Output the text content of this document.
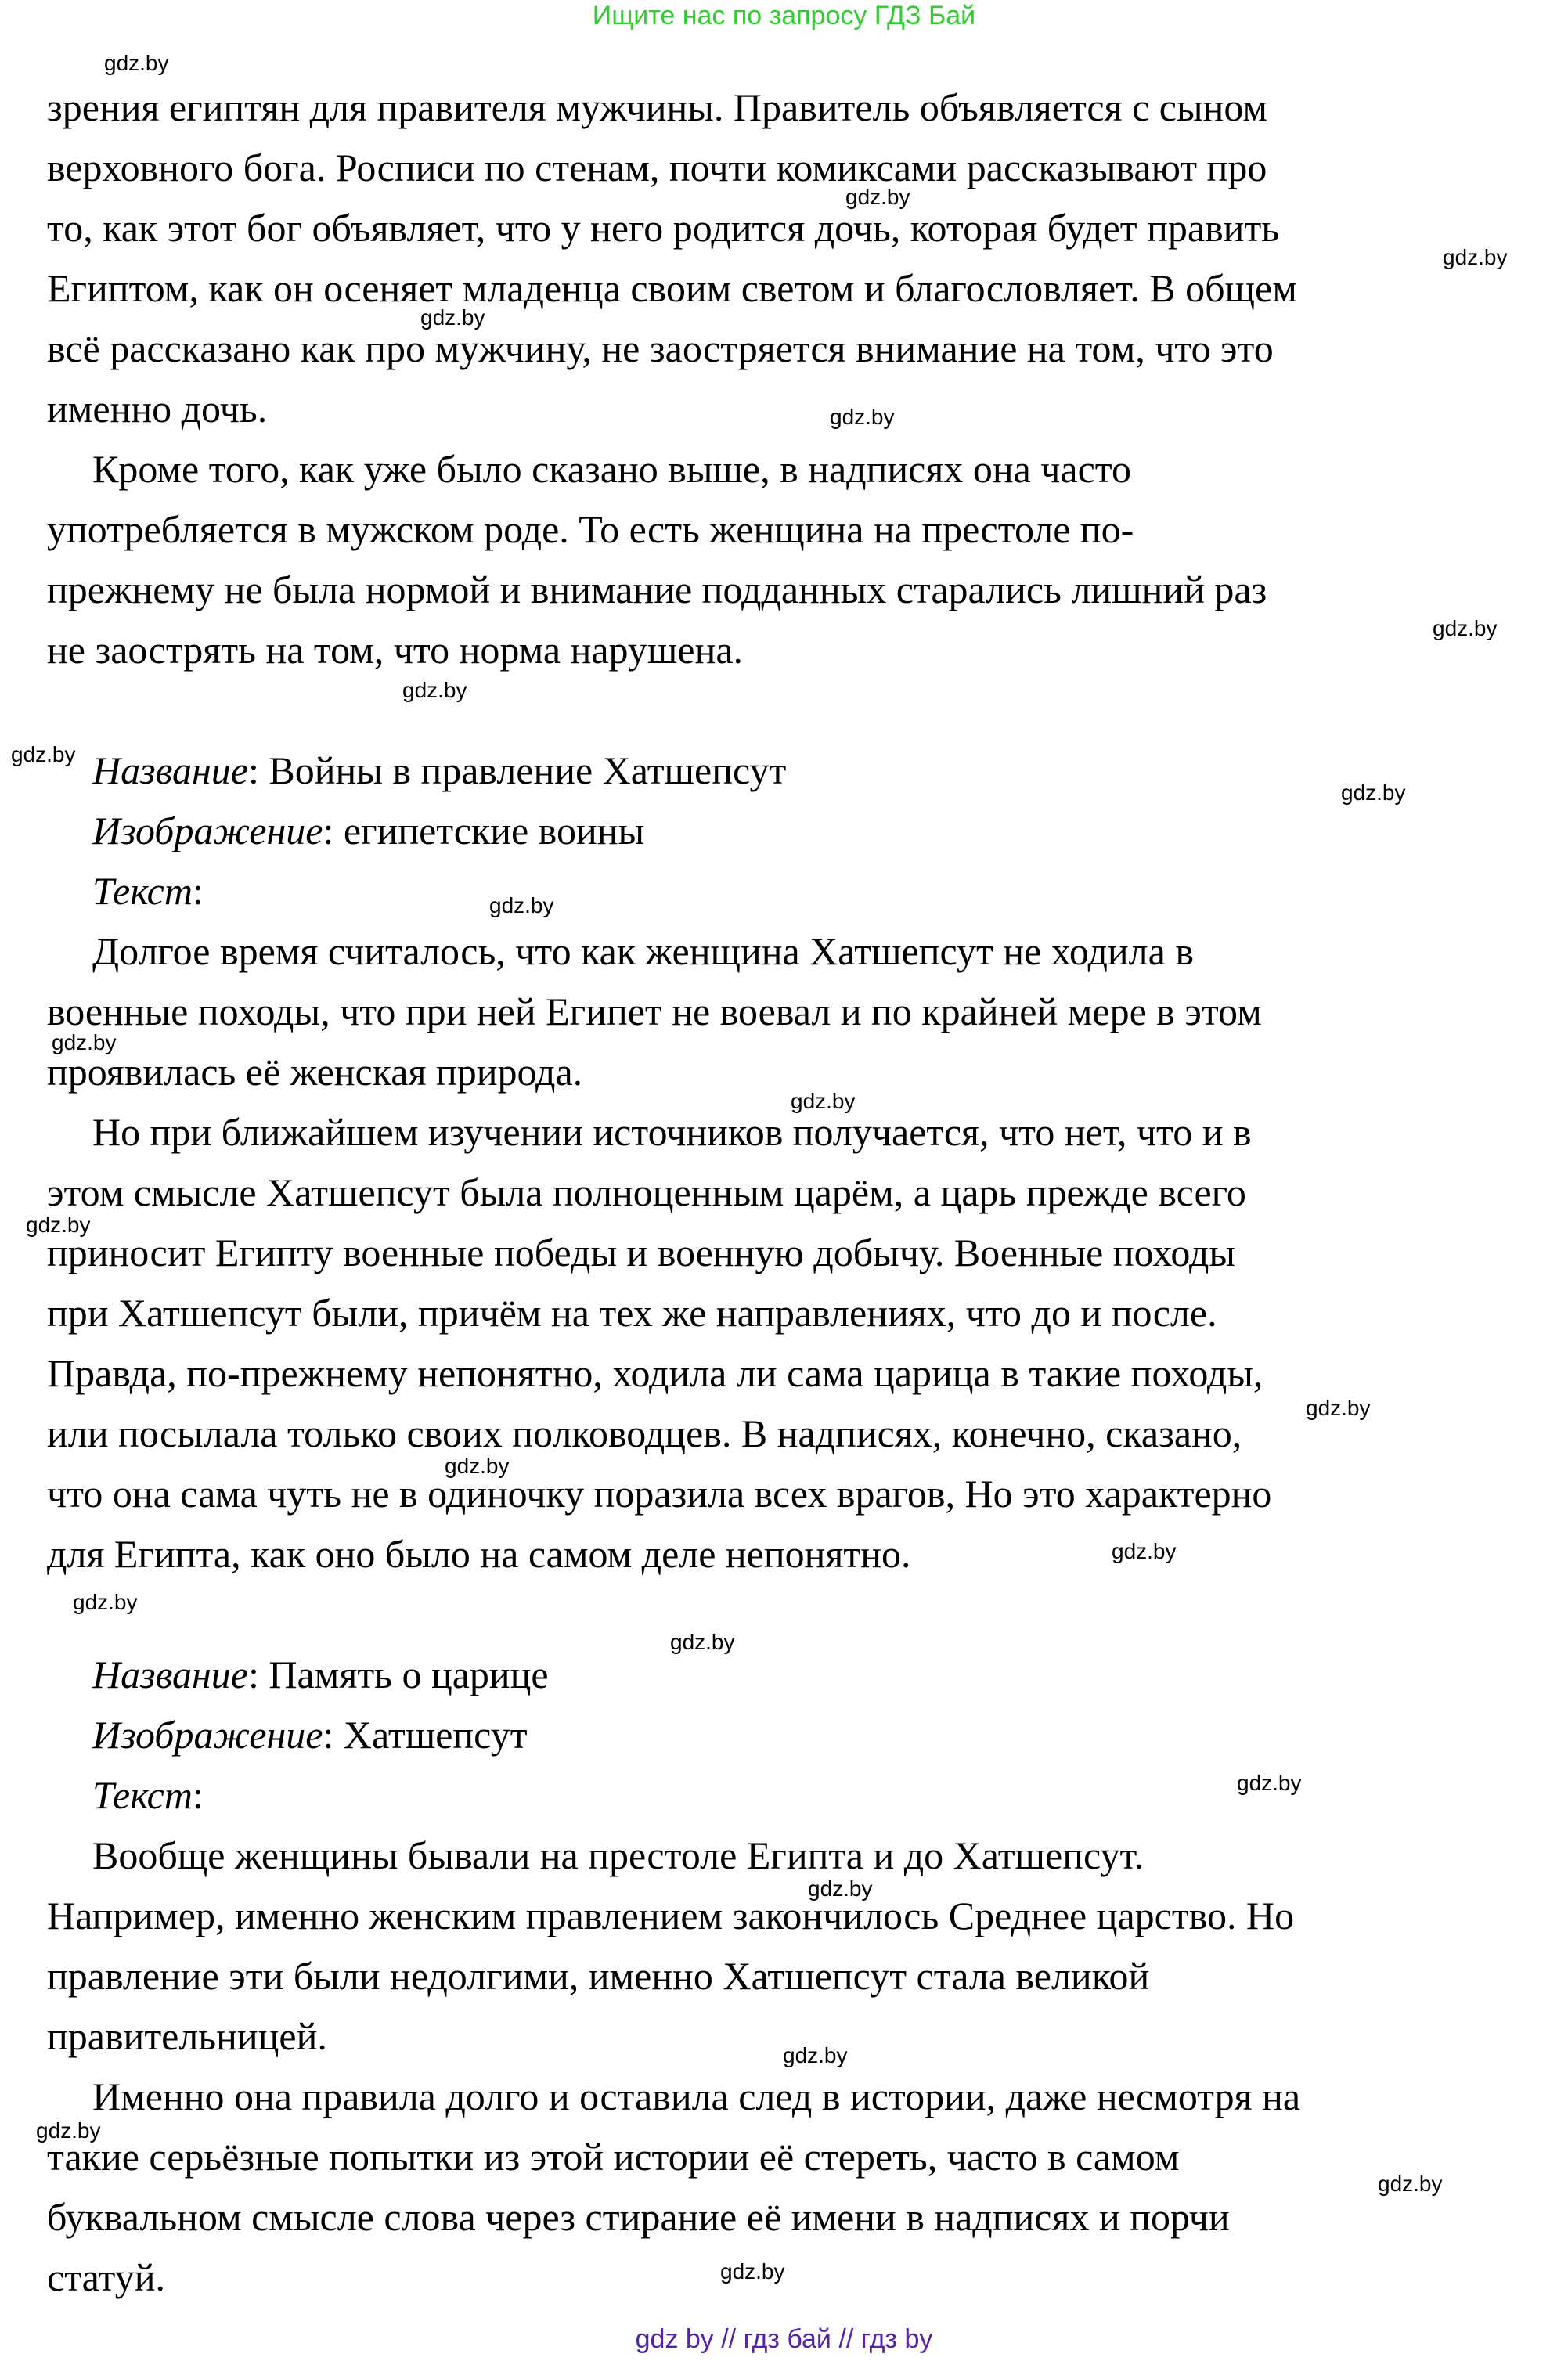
Ищите нас по запросу ГДЗ Бай

зрения египтян для правителя мужчины. Правитель объявляется с сыном

верховного бога. Росписи по стенам, почти комиксами рассказывают про

то, как этот бог объявляет, что у него родится дочь, которая будет править

Египтом, как он осеняет младенца своим светом и благословляет. В общем

всё рассказано как про мужчину, не заостряется внимание на том, что это

именно дочь.

Кроме того, как уже было сказано выше, в надписях она часто

употребляется в мужском роде. То есть женщина на престоле по-

прежнему не была нормой и внимание подданных старались лишний раз

не заострять на том, что норма нарушена.

Название: Войны в правление Хатшепсут

Изображение: египетские воины

Текст:

Долгое время считалось, что как женщина Хатшепсут не ходила в

военные походы, что при ней Египет не воевал и по крайней мере в этом

проявилась её женская природа.

Но при ближайшем изучении источников получается, что нет, что и в

этом смысле Хатшепсут была полноценным царём, а царь прежде всего

приносит Египту военные победы и военную добычу. Военные походы

при Хатшепсут были, причём на тех же направлениях, что до и после.

Правда, по-прежнему непонятно, ходила ли сама царица в такие походы,

или посылала только своих полководцев. В надписях, конечно, сказано,

что она сама чуть не в одиночку поразила всех врагов, Но это характерно

для Египта, как оно было на самом деле непонятно.

Название: Память о царице

Изображение: Хатшепсут

Текст:

Вообще женщины бывали на престоле Египта и до Хатшепсут.

Например, именно женским правлением закончилось Среднее царство. Но

правление эти были недолгими, именно Хатшепсут стала великой

правительницей.

Именно она правила долго и оставила след в истории, даже несмотря на

такие серьёзные попытки из этой истории её стереть, часто в самом

буквальном смысле слова через стирание её имени в надписях и порчи

статуй.

gdz.by
gdz.by
gdz.by
gdz.by
gdz.by
gdz.by
gdz.by
gdz.by
gdz.by
gdz.by
gdz.by
gdz.by
gdz.by
gdz.by
gdz.by
gdz.by
gdz.by
gdz.by
gdz.by
gdz.by
gdz.by
gdz.by
gdz.by
gdz.by
gdz by // гдз бай // гдз by
